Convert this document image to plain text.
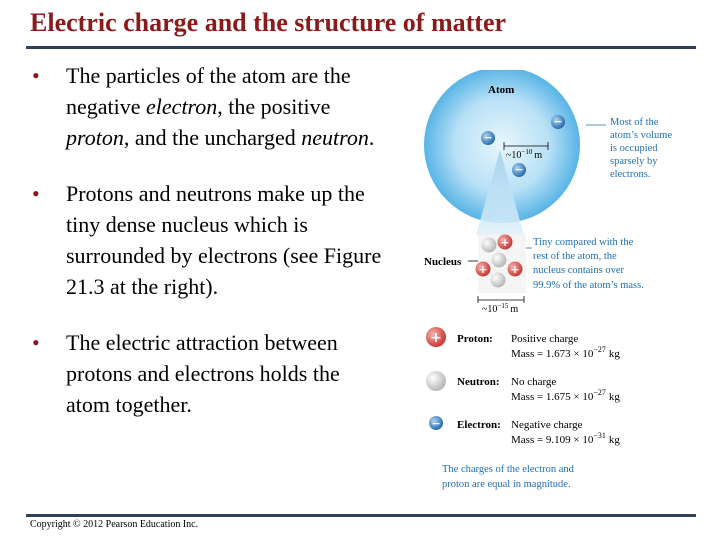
Electric charge and the structure of matter
• The particles of the atom are the negative electron, the positive proton, and the uncharged neutron.
• Protons and neutrons make up the tiny dense nucleus which is surrounded by electrons (see Figure 21.3 at the right).
• The electric attraction between protons and electrons holds the atom together.
Atom
$\sim 10^{-10}$ m
−
−
−
Most of the
atom’s volume
is occupied
sparsely by
electrons.
Nucleus
+
+ +
$\sim 10^{-15}$ m
Tiny compared with the
rest of the atom, the
nucleus contains over
99.9% of the atom’s mass.
+ Proton: Positive charge
Mass = $1.673 \times 10^{-27}$ kg
Neutron: No charge
Mass = $1.675 \times 10^{-27}$ kg
− Electron: Negative charge
Mass = $9.109 \times 10^{-31}$ kg
The charges of the electron and
proton are equal in magnitude.
Copyright © 2012 Pearson Education Inc.
